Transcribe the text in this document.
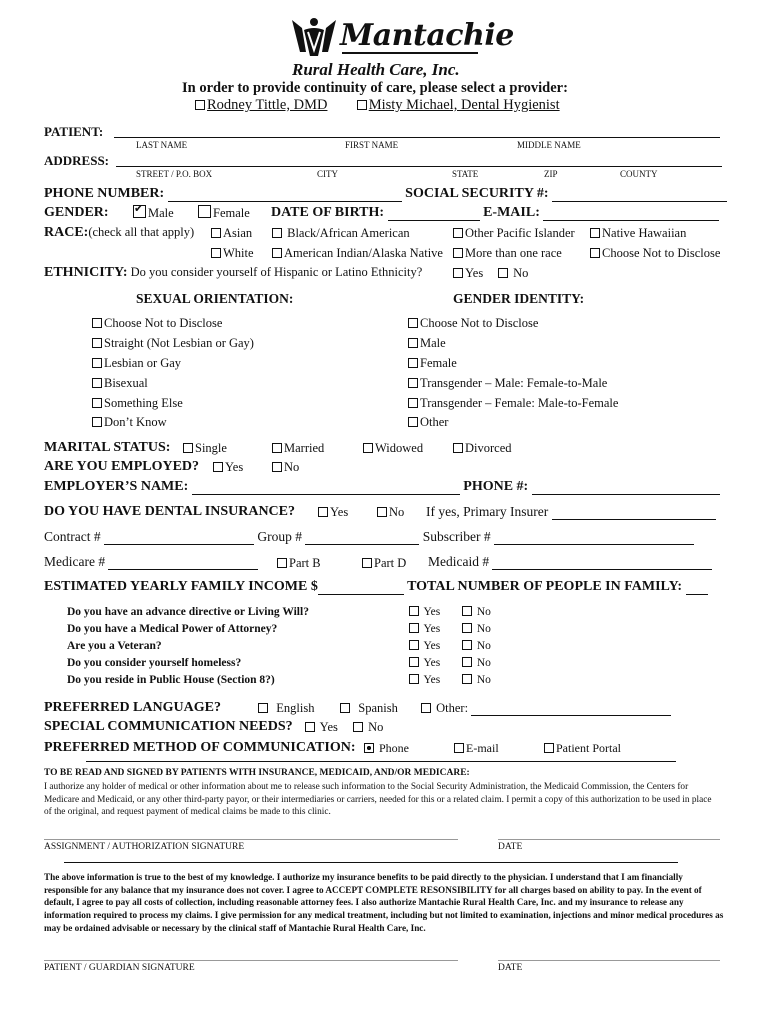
Mantachie
Rural Health Care, Inc.
In order to provide continuity of care, please select a provider:
Rodney Tittle, DMD	Misty Michael, Dental Hygienist
PATIENT:
LAST NAME	FIRST NAME	MIDDLE NAME
ADDRESS:
STREET / P.O. BOX	CITY	STATE	ZIP	COUNTY
PHONE NUMBER:	SOCIAL SECURITY #:
GENDER:
✔	Male	Female DATE OF BIRTH:	E-MAIL:
RACE:(check all that apply)	Asian	Black/African American	Other Pacific Islander	Native Hawaiian
White	American Indian/Alaska Native	More than one race	Choose Not to Disclose
ETHNICITY: Do you consider yourself of Hispanic or Latino Ethnicity?	Yes	No
SEXUAL ORIENTATION:	GENDER IDENTITY:
Choose Not to Disclose
Straight (Not Lesbian or Gay)
Lesbian or Gay
Bisexual
Something Else
Don’t Know
Choose Not to Disclose
Male
Female
Transgender – Male: Female-to-Male
Transgender – Female: Male-to-Female
Other
MARITAL STATUS:	Single	Married	Widowed	Divorced
ARE YOU EMPLOYED?	Yes	No
EMPLOYER’S NAME:	PHONE #:
DO YOU HAVE DENTAL INSURANCE?	Yes	No If yes, Primary Insurer
Contract #	Group #	Subscriber #
Medicare #	Part B	Part D Medicaid #
ESTIMATED YEARLY FAMILY INCOME $	TOTAL NUMBER OF PEOPLE IN FAMILY:
Do you have an advance directive or Living Will?
Do you have a Medical Power of Attorney?
Are you a Veteran?
Do you consider yourself homeless?
Do you reside in Public House (Section 8?)
Yes
Yes
Yes
Yes
Yes
No
No
No
No
No
PREFERRED LANGUAGE?	English	Spanish	Other:
SPECIAL COMMUNICATION NEEDS?	Yes	No
PREFERRED METHOD OF COMMUNICATION:	Phone	E-mail	Patient Portal
TO BE READ AND SIGNED BY PATIENTS WITH INSURANCE, MEDICAID, AND/OR MEDICARE:
I authorize any holder of medical or other information about me to release such information to the Social Security Administration, the Medicaid Commission, the Centers for Medicare and Medicaid, or any other third-party payor, or their intermediaries or carriers, needed for this or a related claim. I permit a copy of this authorization to be used in place of the original, and request payment of medical claims be made to this clinic.
ASSIGNMENT / AUTHORIZATION SIGNATURE	DATE
The above information is true to the best of my knowledge. I authorize my insurance benefits to be paid directly to the physician. I understand that I am financially responsible for any balance that my insurance does not cover. I agree to ACCEPT COMPLETE RESONSIBILITY for all charges based on ability to pay. In the event of default, I agree to pay all costs of collection, including reasonable attorney fees. I also authorize Mantachie Rural Health Care, Inc. and my insurance to release any information required to process my claims. I give permission for any medical treatment, including but not limited to examination, injections and minor medical procedures as may be ordained advisable or necessary by the clinical staff of Mantachie Rural Health Care, Inc.
PATIENT / GUARDIAN SIGNATURE	DATE
